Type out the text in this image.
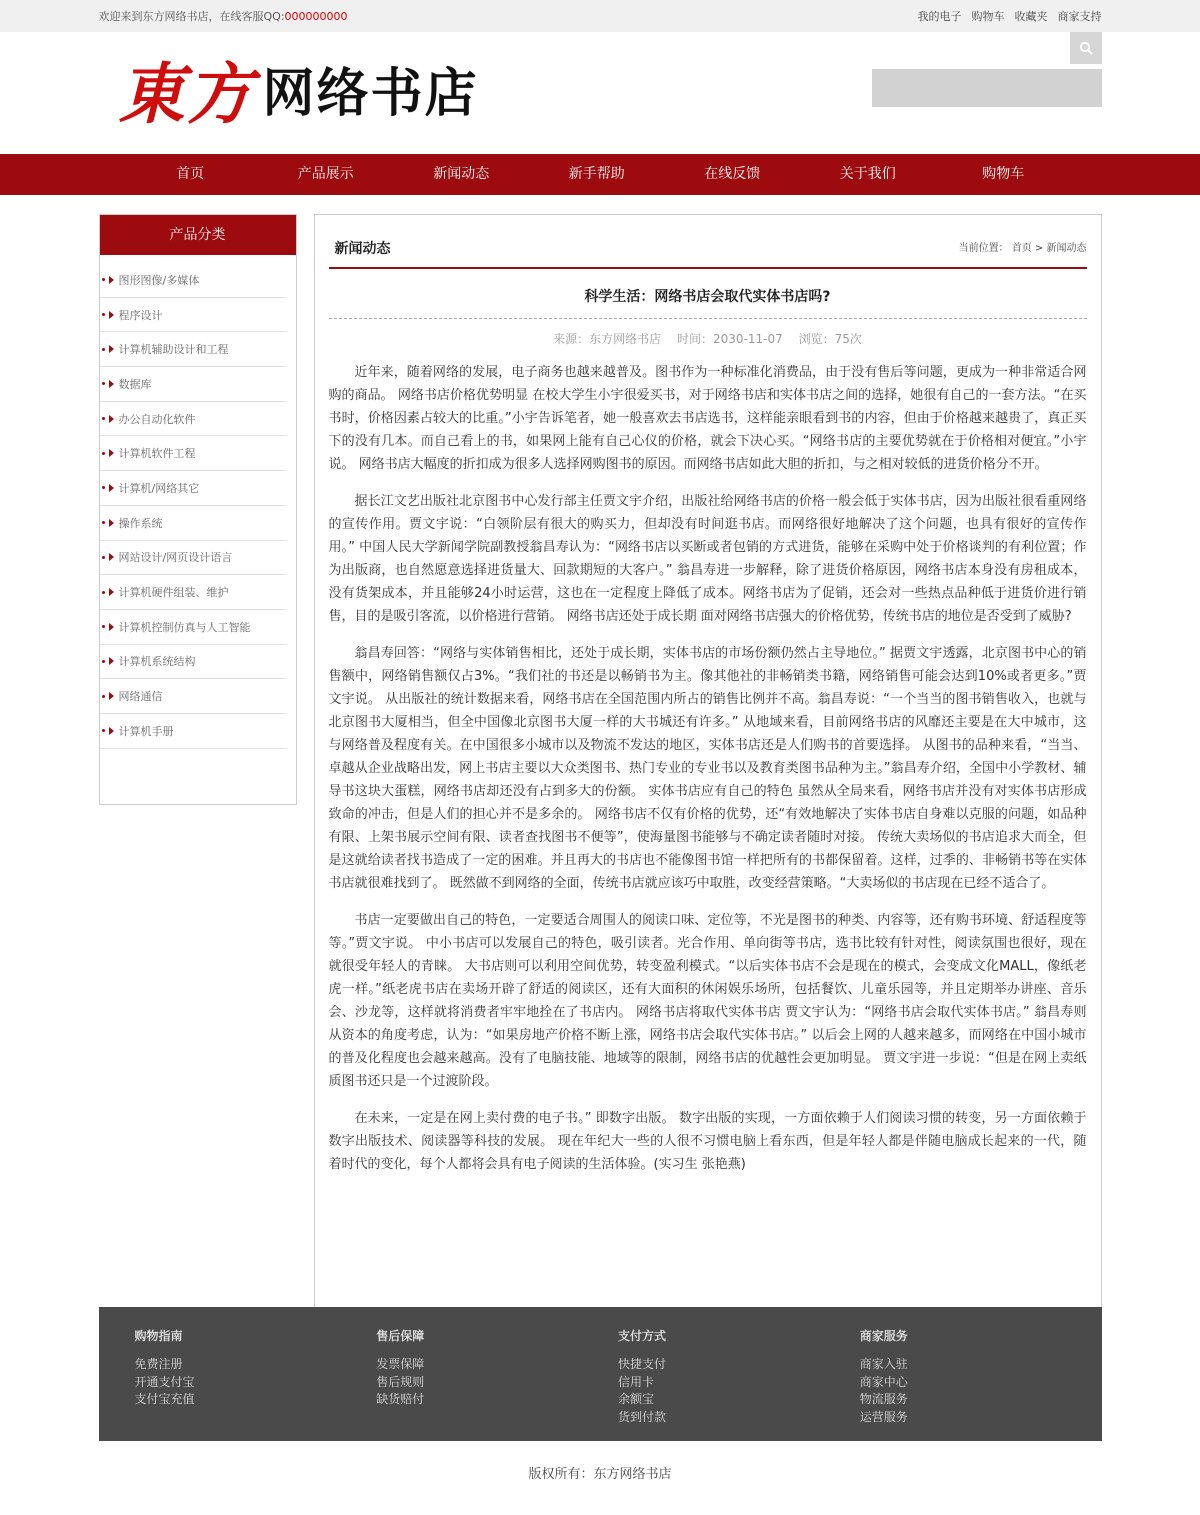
欢迎来到东方网络书店，在线客服QQ:000000000	我的电子 购物车 收藏夹 商家支持
東方 网络书店
首页	产品展示	新闻动态	新手帮助	在线反馈	关于我们	购物车
产品分类
图形图像/多媒体
程序设计
计算机辅助设计和工程
数据库
办公自动化软件
计算机软件工程
计算机/网络其它
操作系统
网站设计/网页设计语言
计算机硬件组装、维护
计算机控制仿真与人工智能
计算机系统结构
网络通信
计算机手册
新闻动态	当前位置： 首页 > 新闻动态
科学生活：网络书店会取代实体书店吗?
来源：东方网络书店 时间：2030-11-07 浏览：75次

近年来，随着网络的发展，电子商务也越来越普及。图书作为一种标准化消费品，由于没有售后等问题，更成为一种非常适合网购的商品。 网络书店价格优势明显 在校大学生小宇很爱买书，对于网络书店和实体书店之间的选择，她很有自己的一套方法。“在买书时，价格因素占较大的比重。”小宇告诉笔者，她一般喜欢去书店选书，这样能亲眼看到书的内容，但由于价格越来越贵了，真正买下的没有几本。而自己看上的书，如果网上能有自己心仪的价格，就会下决心买。“网络书店的主要优势就在于价格相对便宜。”小宇说。 网络书店大幅度的折扣成为很多人选择网购图书的原因。而网络书店如此大胆的折扣，与之相对较低的进货价格分不开。

据长江文艺出版社北京图书中心发行部主任贾文宇介绍，出版社给网络书店的价格一般会低于实体书店，因为出版社很看重网络的宣传作用。贾文宇说：“白领阶层有很大的购买力，但却没有时间逛书店。而网络很好地解决了这个问题，也具有很好的宣传作用。” 中国人民大学新闻学院副教授翁昌寿认为：“网络书店以买断或者包销的方式进货，能够在采购中处于价格谈判的有利位置；作为出版商，也自然愿意选择进货量大、回款期短的大客户。” 翁昌寿进一步解释，除了进货价格原因，网络书店本身没有房租成本，没有货架成本，并且能够24小时运营，这也在一定程度上降低了成本。网络书店为了促销，还会对一些热点品种低于进货价进行销售，目的是吸引客流，以价格进行营销。 网络书店还处于成长期 面对网络书店强大的价格优势，传统书店的地位是否受到了威胁?

翁昌寿回答：“网络与实体销售相比，还处于成长期，实体书店的市场份额仍然占主导地位。” 据贾文宇透露，北京图书中心的销售额中，网络销售额仅占3%。“我们社的书还是以畅销书为主。像其他社的非畅销类书籍，网络销售可能会达到10%或者更多。”贾文宇说。 从出版社的统计数据来看，网络书店在全国范围内所占的销售比例并不高。翁昌寿说：“一个当当的图书销售收入，也就与北京图书大厦相当，但全中国像北京图书大厦一样的大书城还有许多。” 从地域来看，目前网络书店的风靡还主要是在大中城市，这与网络普及程度有关。在中国很多小城市以及物流不发达的地区，实体书店还是人们购书的首要选择。 从图书的品种来看，“当当、卓越从企业战略出发，网上书店主要以大众类图书、热门专业的专业书以及教育类图书品种为主。”翁昌寿介绍，全国中小学教材、辅导书这块大蛋糕，网络书店却还没有占到多大的份额。 实体书店应有自己的特色 虽然从全局来看，网络书店并没有对实体书店形成致命的冲击，但是人们的担心并不是多余的。 网络书店不仅有价格的优势，还“有效地解决了实体书店自身难以克服的问题，如品种有限、上架书展示空间有限、读者查找图书不便等”，使海量图书能够与不确定读者随时对接。 传统大卖场似的书店追求大而全，但是这就给读者找书造成了一定的困难。并且再大的书店也不能像图书馆一样把所有的书都保留着。这样，过季的、非畅销书等在实体书店就很难找到了。 既然做不到网络的全面，传统书店就应该巧中取胜，改变经营策略。“大卖场似的书店现在已经不适合了。

书店一定要做出自己的特色，一定要适合周围人的阅读口味、定位等，不光是图书的种类、内容等，还有购书环境、舒适程度等等。”贾文宇说。 中小书店可以发展自己的特色，吸引读者。光合作用、单向街等书店，选书比较有针对性，阅读氛围也很好，现在就很受年轻人的青睐。 大书店则可以利用空间优势，转变盈利模式。“以后实体书店不会是现在的模式，会变成文化MALL，像纸老虎一样。”纸老虎书店在卖场开辟了舒适的阅读区，还有大面积的休闲娱乐场所，包括餐饮、儿童乐园等，并且定期举办讲座、音乐会、沙龙等，这样就将消费者牢牢地拴在了书店内。 网络书店将取代实体书店 贾文宇认为：“网络书店会取代实体书店。” 翁昌寿则从资本的角度考虑，认为：“如果房地产价格不断上涨，网络书店会取代实体书店。” 以后会上网的人越来越多，而网络在中国小城市的普及化程度也会越来越高。没有了电脑技能、地域等的限制，网络书店的优越性会更加明显。 贾文宇进一步说：“但是在网上卖纸质图书还只是一个过渡阶段。

在未来，一定是在网上卖付费的电子书。” 即数字出版。 数字出版的实现，一方面依赖于人们阅读习惯的转变，另一方面依赖于数字出版技术、阅读器等科技的发展。 现在年纪大一些的人很不习惯电脑上看东西，但是年轻人都是伴随电脑成长起来的一代，随着时代的变化，每个人都将会具有电子阅读的生活体验。(实习生 张艳燕)

购物指南
免费注册
开通支付宝
支付宝充值
售后保障
发票保障
售后规则
缺货赔付
支付方式
快捷支付
信用卡
余额宝
货到付款
商家服务
商家入驻
商家中心
物流服务
运营服务
版权所有：东方网络书店
